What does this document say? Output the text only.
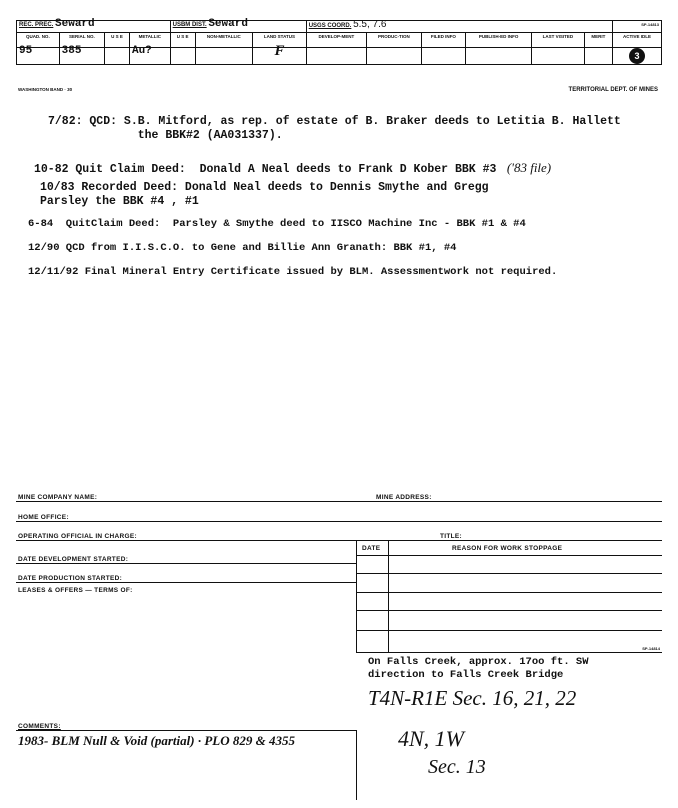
REC. PREC. Seward				USBM DIST. Seward			USGS COORD. 5.5, 7.6						SP-14813
QUAD. NO.	SERIAL NO.	U S E	METALLIC	U S E	NON-METALLIC	LAND STATUS	DEVELOP-MENT	PRODUC-TION	FILED INFO	PUBLISH-ED INFO	LAST VISITED	MERIT	ACTIVE IDLE
95	385		Au?			F							3
WASHINGTON BAND · 30	TERRITORIAL DEPT. OF MINES
7/82: QCD: S.B. Mitford, as rep. of estate of B. Braker deeds to Letitia B. Hallett
the BBK#2 (AA031337).
10-82 Quit Claim Deed:  Donald A Neal deeds to Frank D Kober BBK #3 ('83 file)
10/83 Recorded Deed: Donald Neal deeds to Dennis Smythe and Gregg
Parsley the BBK #4 , #1
6-84  QuitClaim Deed:  Parsley & Smythe deed to IISCO Machine Inc - BBK #1 & #4
12/90 QCD from I.I.S.C.O. to Gene and Billie Ann Granath: BBK #1, #4
12/11/92 Final Mineral Entry Certificate issued by BLM. Assessmentwork not required.
MINE COMPANY NAME:	MINE ADDRESS:
HOME OFFICE:
OPERATING OFFICIAL IN CHARGE:	TITLE:
DATE	REASON FOR WORK STOPPAGE
DATE DEVELOPMENT STARTED:
DATE PRODUCTION STARTED:
LEASES & OFFERS — TERMS OF:
SP-14814
On Falls Creek, approx. 17oo ft. SW
direction to Falls Creek Bridge
T4N-R1E Sec. 16, 21, 22
4N, 1W
Sec. 13
COMMENTS:
1983- BLM Null & Void (partial) · PLO 829 & 4355
